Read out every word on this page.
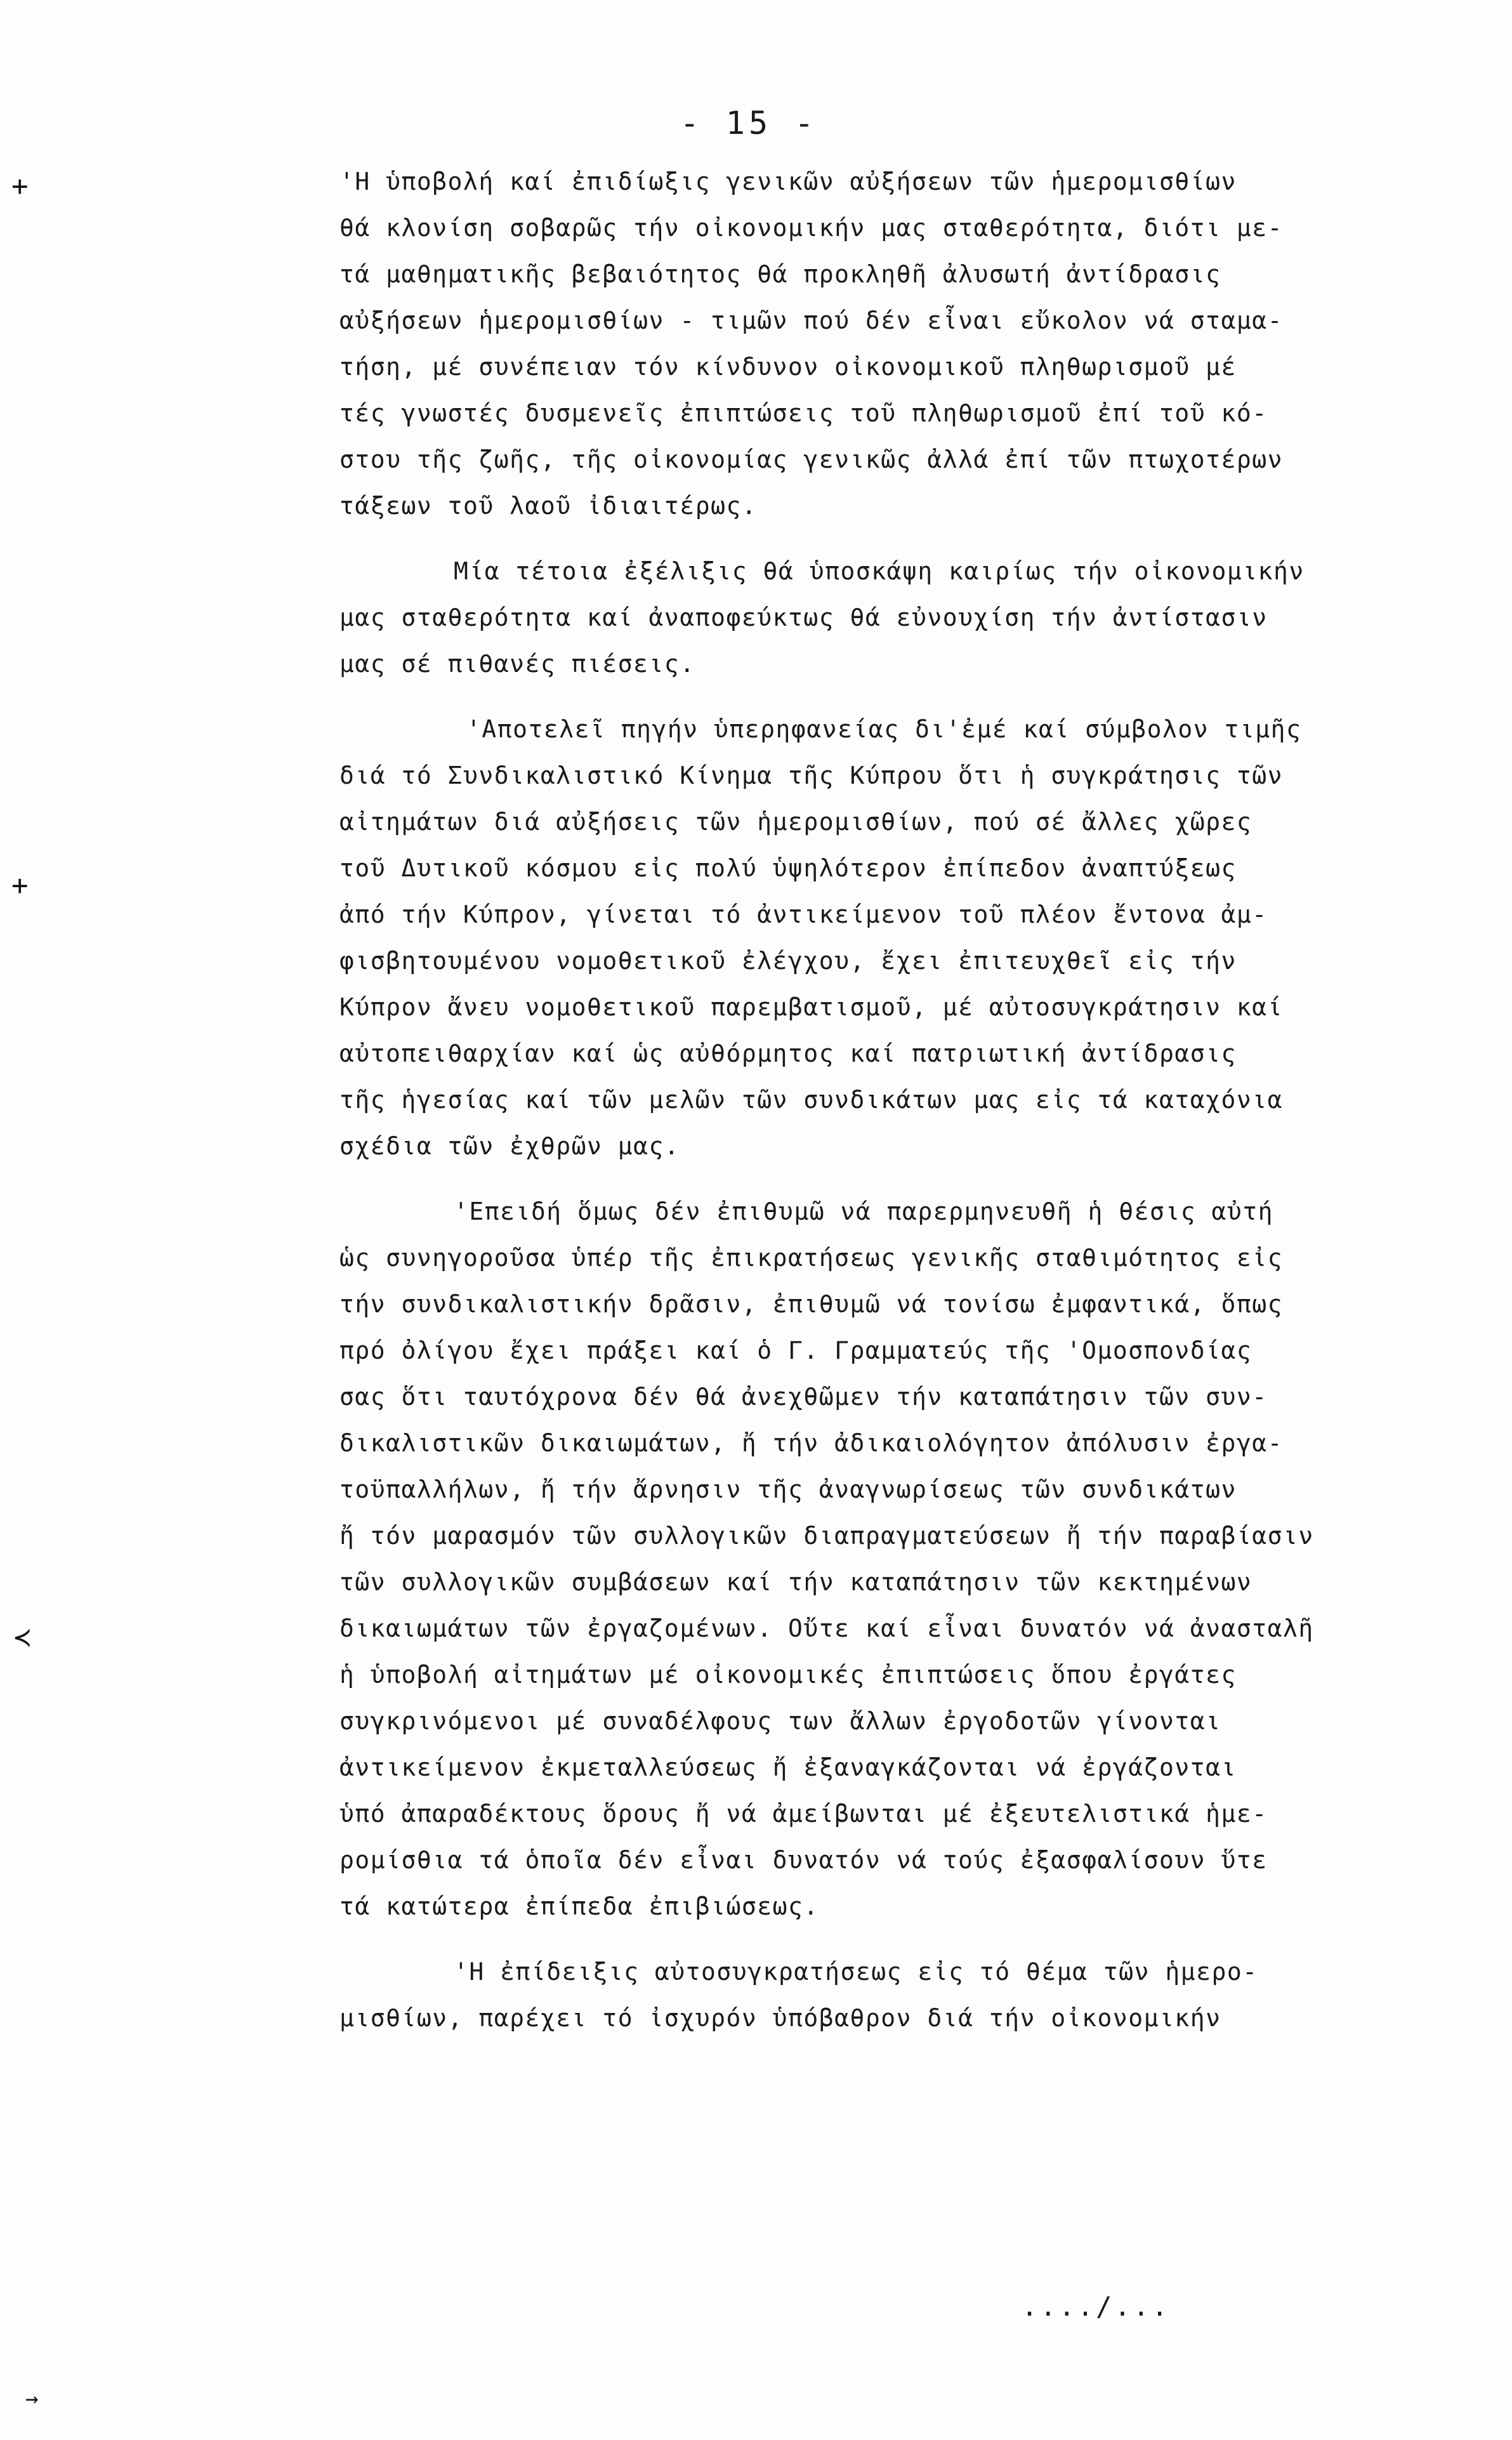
- 15 -
+
+
≺
→
'Η ὑποβολή καί ἐπιδίωξις γενικῶν αὐξήσεων τῶν ἡμερομισθίων
θά κλονίση σοβαρῶς τήν οἰκονομικήν μας σταθερότητα, διότι με-
τά μαθηματικῆς βεβαιότητος θά προκληθῆ ἀλυσωτή ἀντίδρασις
αὐξήσεων ἡμερομισθίων - τιμῶν πού δέν εἶναι εὔκολον νά σταμα-
τήση, μέ συνέπειαν τόν κίνδυνον οἰκονομικοῦ πληθωρισμοῦ μέ
τές γνωστές δυσμενεῖς ἐπιπτώσεις τοῦ πληθωρισμοῦ ἐπί τοῦ κό-
στου τῆς ζωῆς, τῆς οἰκονομίας γενικῶς ἀλλά ἐπί τῶν πτωχοτέρων
τάξεων τοῦ λαοῦ ἰδιαιτέρως.
Μία τέτοια ἐξέλιξις θά ὑποσκάψη καιρίως τήν οἰκονομικήν
μας σταθερότητα καί ἀναποφεύκτως θά εὐνουχίση τήν ἀντίστασιν
μας σέ πιθανές πιέσεις.
'Αποτελεῖ πηγήν ὑπερηφανείας δι'ἐμέ καί σύμβολον τιμῆς
διά τό Συνδικαλιστικό Κίνημα τῆς Κύπρου ὅτι ἡ συγκράτησις τῶν
αἰτημάτων διά αὐξήσεις τῶν ἡμερομισθίων, πού σέ ἄλλες χῶρες
τοῦ Δυτικοῦ κόσμου εἰς πολύ ὑψηλότερον ἐπίπεδον ἀναπτύξεως
ἀπό τήν Κύπρον, γίνεται τό ἀντικείμενον τοῦ πλέον ἔντονα ἀμ-
φισβητουμένου νομοθετικοῦ ἐλέγχου, ἔχει ἐπιτευχθεῖ εἰς τήν
Κύπρον ἄνευ νομοθετικοῦ παρεμβατισμοῦ, μέ αὐτοσυγκράτησιν καί
αὐτοπειθαρχίαν καί ὡς αὐθόρμητος καί πατριωτική ἀντίδρασις
τῆς ἡγεσίας καί τῶν μελῶν τῶν συνδικάτων μας εἰς τά καταχόνια
σχέδια τῶν ἐχθρῶν μας.
'Επειδή ὅμως δέν ἐπιθυμῶ νά παρερμηνευθῆ ἡ θέσις αὐτή
ὡς συνηγοροῦσα ὑπέρ τῆς ἐπικρατήσεως γενικῆς σταθιμότητος εἰς
τήν συνδικαλιστικήν δρᾶσιν, ἐπιθυμῶ νά τονίσω ἐμφαντικά, ὅπως
πρό ὀλίγου ἔχει πράξει καί ὁ Γ. Γραμματεύς τῆς 'Ομοσπονδίας
σας ὅτι ταυτόχρονα δέν θά ἀνεχθῶμεν τήν καταπάτησιν τῶν συν-
δικαλιστικῶν δικαιωμάτων, ἤ τήν ἀδικαιολόγητον ἀπόλυσιν ἐργα-
τοϋπαλλήλων, ἤ τήν ἄρνησιν τῆς ἀναγνωρίσεως τῶν συνδικάτων
ἤ τόν μαρασμόν τῶν συλλογικῶν διαπραγματεύσεων ἤ τήν παραβίασιν
τῶν συλλογικῶν συμβάσεων καί τήν καταπάτησιν τῶν κεκτημένων
δικαιωμάτων τῶν ἐργαζομένων. Οὔτε καί εἶναι δυνατόν νά ἀνασταλῆ
ἡ ὑποβολή αἰτημάτων μέ οἰκονομικές ἐπιπτώσεις ὅπου ἐργάτες
συγκρινόμενοι μέ συναδέλφους των ἄλλων ἐργοδοτῶν γίνονται
ἀντικείμενον ἐκμεταλλεύσεως ἤ ἐξαναγκάζονται νά ἐργάζονται
ὑπό ἀπαραδέκτους ὅρους ἤ νά ἀμείβωνται μέ ἐξευτελιστικά ἡμε-
ρομίσθια τά ὁποῖα δέν εἶναι δυνατόν νά τούς ἐξασφαλίσουν ὕτε
τά κατώτερα ἐπίπεδα ἐπιβιώσεως.
'Η ἐπίδειξις αὐτοσυγκρατήσεως εἰς τό θέμα τῶν ἡμερο-
μισθίων, παρέχει τό ἰσχυρόν ὑπόβαθρον διά τήν οἰκονομικήν
..../...
